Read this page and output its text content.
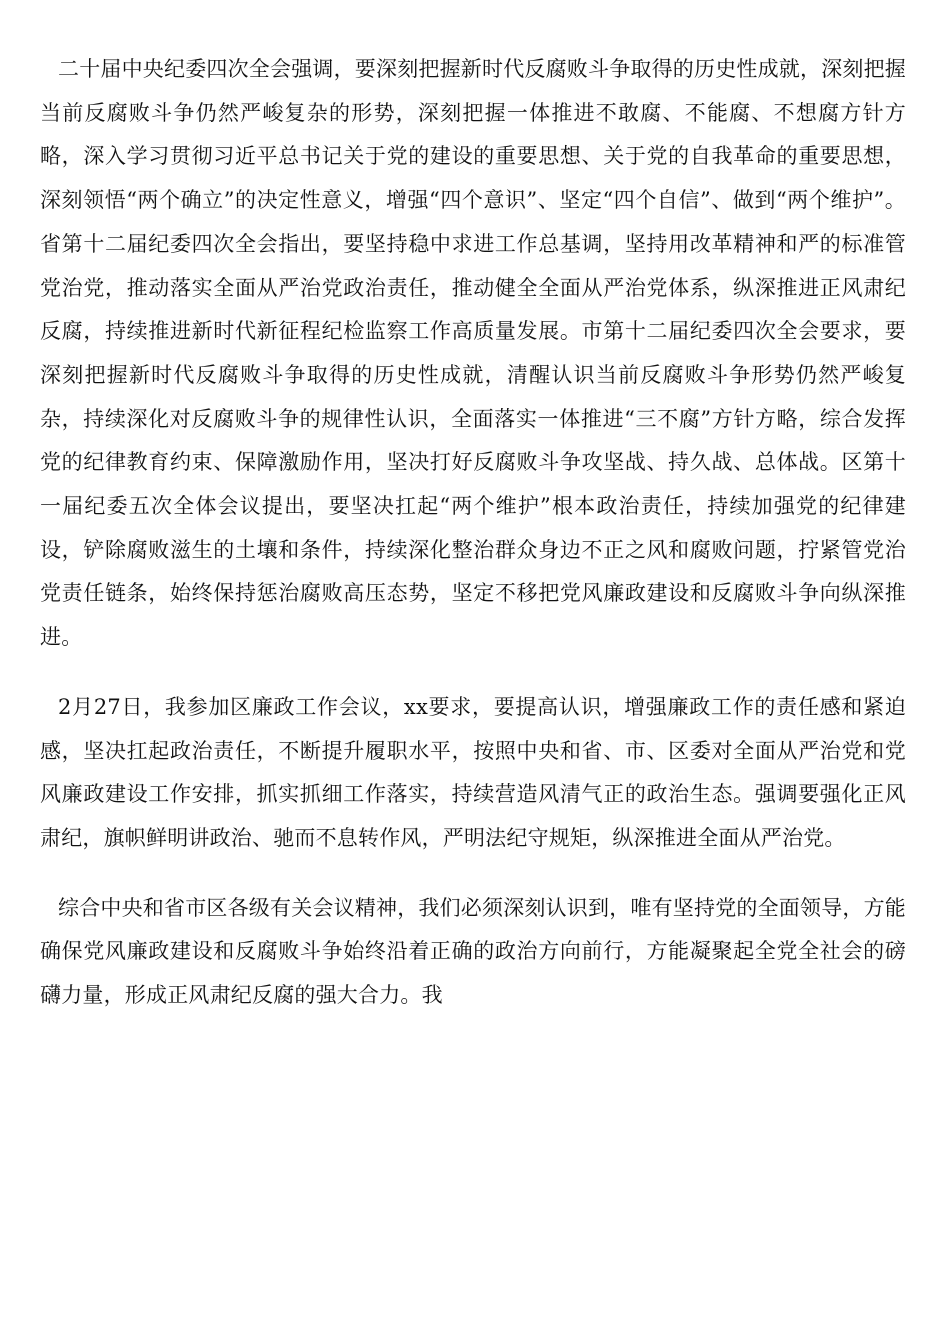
二十届中央纪委四次全会强调，要深刻把握新时代反腐败斗争取得的历史性成就，深刻把握当前反腐败斗争仍然严峻复杂的形势，深刻把握一体推进不敢腐、不能腐、不想腐方针方略，深入学习贯彻习近平总书记关于党的建设的重要思想、关于党的自我革命的重要思想，深刻领悟“两个确立”的决定性意义，增强“四个意识”、坚定“四个自信”、做到“两个维护”。省第十二届纪委四次全会指出，要坚持稳中求进工作总基调，坚持用改革精神和严的标准管党治党，推动落实全面从严治党政治责任，推动健全全面从严治党体系，纵深推进正风肃纪反腐，持续推进新时代新征程纪检监察工作高质量发展。市第十二届纪委四次全会要求，要深刻把握新时代反腐败斗争取得的历史性成就，清醒认识当前反腐败斗争形势仍然严峻复杂，持续深化对反腐败斗争的规律性认识，全面落实一体推进“三不腐”方针方略，综合发挥党的纪律教育约束、保障激励作用，坚决打好反腐败斗争攻坚战、持久战、总体战。区第十一届纪委五次全体会议提出，要坚决扛起“两个维护”根本政治责任，持续加强党的纪律建设，铲除腐败滋生的土壤和条件，持续深化整治群众身边不正之风和腐败问题，拧紧管党治党责任链条，始终保持惩治腐败高压态势，坚定不移把党风廉政建设和反腐败斗争向纵深推进。

2月27日，我参加区廉政工作会议，xx要求，要提高认识，增强廉政工作的责任感和紧迫感，坚决扛起政治责任，不断提升履职水平，按照中央和省、市、区委对全面从严治党和党风廉政建设工作安排，抓实抓细工作落实，持续营造风清气正的政治生态。强调要强化正风肃纪，旗帜鲜明讲政治、驰而不息转作风，严明法纪守规矩，纵深推进全面从严治党。

综合中央和省市区各级有关会议精神，我们必须深刻认识到，唯有坚持党的全面领导，方能确保党风廉政建设和反腐败斗争始终沿着正确的政治方向前行，方能凝聚起全党全社会的磅礴力量，形成正风肃纪反腐的强大合力。我
